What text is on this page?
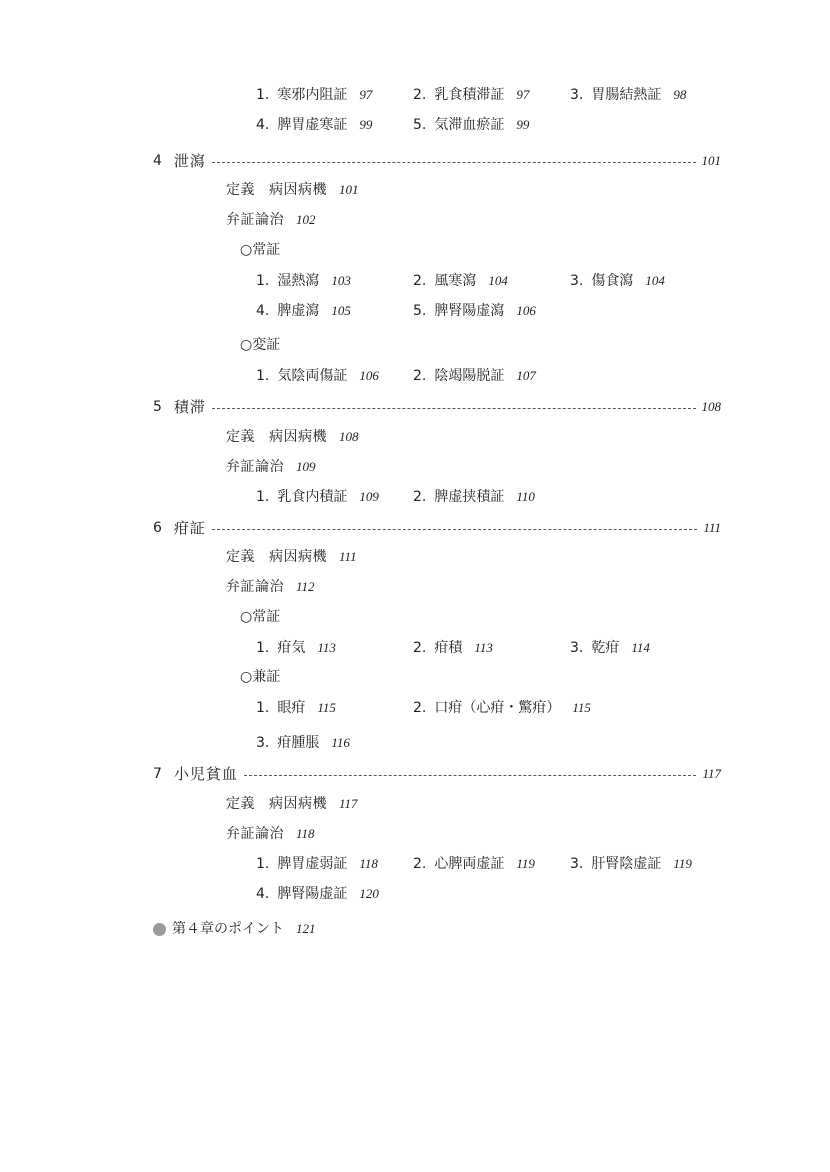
1. 寒邪内阻証 97	2. 乳食積滞証 97	3. 胃腸結熱証 98
4. 脾胃虚寒証 99	5. 気滞血瘀証 99
4 泄瀉	101
定義 病因病機 101
弁証論治 102
○常証
1. 湿熱瀉 103	2. 風寒瀉 104	3. 傷食瀉 104
4. 脾虚瀉 105	5. 脾腎陽虚瀉 106
○変証
1. 気陰両傷証 106 2. 陰竭陽脱証 107
5 積滞	108
定義 病因病機 108
弁証論治 109
1. 乳食内積証 109 2. 脾虚挟積証 110
6 疳証	111
定義 病因病機 111
弁証論治 112
○常証
1. 疳気 113	2. 疳積 113	3. 乾疳 114
○兼証
1. 眼疳 115	2. 口疳（心疳・驚疳） 115
3. 疳腫脹 116
7 小児貧血	117
定義 病因病機 117
弁証論治 118
1. 脾胃虚弱証 118	2. 心脾両虚証 119	3. 肝腎陰虚証 119
4. 脾腎陽虚証 120
第４章のポイント 121
